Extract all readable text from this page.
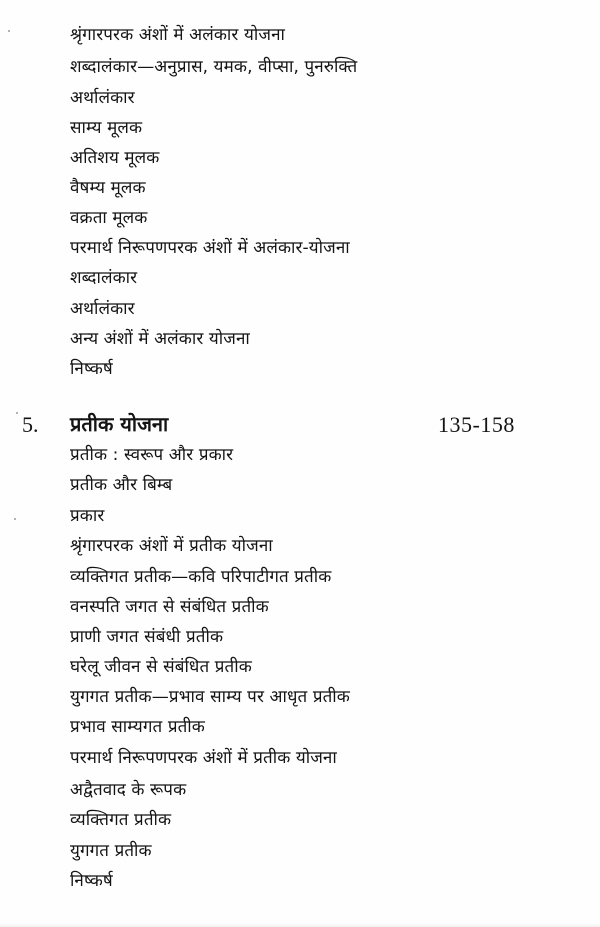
श्रृंगारपरक अंशों में अलंकार योजना
शब्दालंकार—अनुप्रास, यमक, वीप्सा, पुनरुक्ति
अर्थालंकार
साम्य मूलक
अतिशय मूलक
वैषम्य मूलक
वक्रता मूलक
परमार्थ निरूपणपरक अंशों में अलंकार-योजना
शब्दालंकार
अर्थालंकार
अन्य अंशों में अलंकार योजना
निष्कर्ष
5. प्रतीक योजना	135-158
प्रतीक : स्वरूप और प्रकार
प्रतीक और बिम्ब
प्रकार
श्रृंगारपरक अंशों में प्रतीक योजना
व्यक्तिगत प्रतीक—कवि परिपाटीगत प्रतीक
वनस्पति जगत से संबंधित प्रतीक
प्राणी जगत संबंधी प्रतीक
घरेलू जीवन से संबंधित प्रतीक
युगगत प्रतीक—प्रभाव साम्य पर आधृत प्रतीक
प्रभाव साम्यगत प्रतीक
परमार्थ निरूपणपरक अंशों में प्रतीक योजना
अद्वैतवाद के रूपक
व्यक्तिगत प्रतीक
युगगत प्रतीक
निष्कर्ष
